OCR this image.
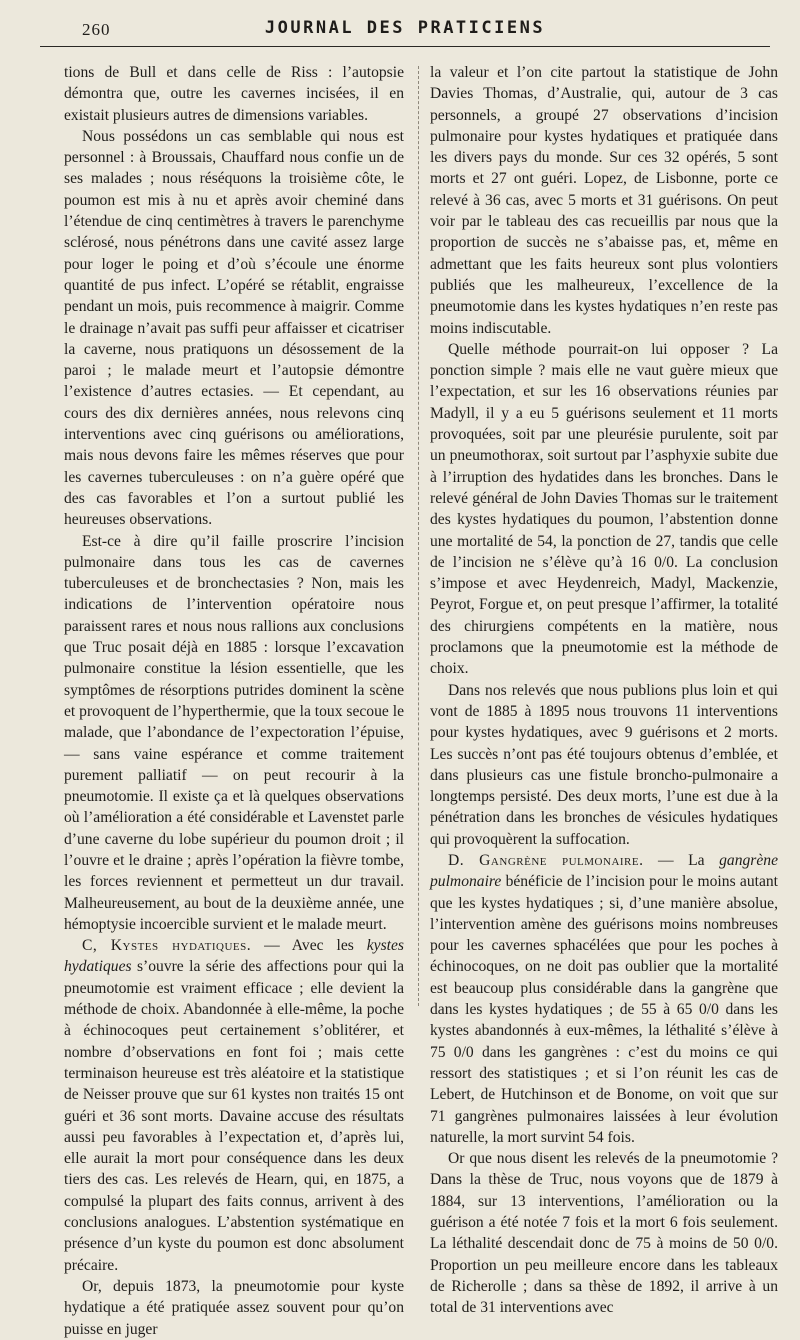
260	JOURNAL DES PRATICIENS

tions de Bull et dans celle de Riss : l’autopsie démontra que, outre les cavernes incisées, il en existait plusieurs autres de dimensions variables.

Nous possédons un cas semblable qui nous est personnel : à Broussais, Chauffard nous confie un de ses malades ; nous réséquons la troisième côte, le poumon est mis à nu et après avoir cheminé dans l’étendue de cinq centimètres à travers le parenchyme sclérosé, nous pénétrons dans une cavité assez large pour loger le poing et d’où s’écoule une énorme quantité de pus infect. L’opéré se rétablit, engraisse pendant un mois, puis recommence à maigrir. Comme le drainage n’avait pas suffi peur affaisser et cicatriser la caverne, nous pratiquons un désossement de la paroi ; le malade meurt et l’autopsie démontre l’existence d’autres ectasies. — Et cependant, au cours des dix dernières années, nous relevons cinq interventions avec cinq guérisons ou améliorations, mais nous devons faire les mêmes réserves que pour les cavernes tuberculeuses : on n’a guère opéré que des cas favorables et l’on a surtout publié les heureuses observations.

Est-ce à dire qu’il faille proscrire l’incision pulmonaire dans tous les cas de cavernes tuberculeuses et de bronchectasies ? Non, mais les indications de l’intervention opératoire nous paraissent rares et nous nous rallions aux conclusions que Truc posait déjà en 1885 : lorsque l’excavation pulmonaire constitue la lésion essentielle, que les symptômes de résorptions putrides dominent la scène et provoquent de l’hyperthermie, que la toux secoue le malade, que l’abondance de l’expectoration l’épuise, — sans vaine espérance et comme traitement purement palliatif — on peut recourir à la pneumotomie. Il existe ça et là quelques observations où l’amélioration a été considérable et Lavenstet parle d’une caverne du lobe supérieur du poumon droit ; il l’ouvre et le draine ; après l’opération la fièvre tombe, les forces reviennent et permetteut un dur travail. Malheureusement, au bout de la deuxième année, une hémoptysie incoercible survient et le malade meurt.

C, Kystes hydatiques. — Avec les kystes hydatiques s’ouvre la série des affections pour qui la pneumotomie est vraiment efficace ; elle devient la méthode de choix. Abandonnée à elle-même, la poche à échinocoques peut certainement s’oblitérer, et nombre d’observations en font foi ; mais cette terminaison heureuse est très aléatoire et la statistique de Neisser prouve que sur 61 kystes non traités 15 ont guéri et 36 sont morts. Davaine accuse des résultats aussi peu favorables à l’expectation et, d’après lui, elle aurait la mort pour conséquence dans les deux tiers des cas. Les relevés de Hearn, qui, en 1875, a compulsé la plupart des faits connus, arrivent à des conclusions analogues. L’abstention systématique en présence d’un kyste du poumon est donc absolument précaire.

Or, depuis 1873, la pneumotomie pour kyste hydatique a été pratiquée assez souvent pour qu’on puisse en juger

la valeur et l’on cite partout la statistique de John Davies Thomas, d’Australie, qui, autour de 3 cas personnels, a groupé 27 observations d’incision pulmonaire pour kystes hydatiques et pratiquée dans les divers pays du monde. Sur ces 32 opérés, 5 sont morts et 27 ont guéri. Lopez, de Lisbonne, porte ce relevé à 36 cas, avec 5 morts et 31 guérisons. On peut voir par le tableau des cas recueillis par nous que la proportion de succès ne s’abaisse pas, et, même en admettant que les faits heureux sont plus volontiers publiés que les malheureux, l’excellence de la pneumotomie dans les kystes hydatiques n’en reste pas moins indiscutable.

Quelle méthode pourrait-on lui opposer ? La ponction simple ? mais elle ne vaut guère mieux que l’expectation, et sur les 16 observations réunies par Madyll, il y a eu 5 guérisons seulement et 11 morts provoquées, soit par une pleurésie purulente, soit par un pneumothorax, soit surtout par l’asphyxie subite due à l’irruption des hydatides dans les bronches. Dans le relevé général de John Davies Thomas sur le traitement des kystes hydatiques du poumon, l’abstention donne une mortalité de 54, la ponction de 27, tandis que celle de l’incision ne s’élève qu’à 16 0/0. La conclusion s’impose et avec Heydenreich, Madyl, Mackenzie, Peyrot, Forgue et, on peut presque l’affirmer, la totalité des chirurgiens compétents en la matière, nous proclamons que la pneumotomie est la méthode de choix.

Dans nos relevés que nous publions plus loin et qui vont de 1885 à 1895 nous trouvons 11 interventions pour kystes hydatiques, avec 9 guérisons et 2 morts. Les succès n’ont pas été toujours obtenus d’emblée, et dans plusieurs cas une fistule broncho-pulmonaire a longtemps persisté. Des deux morts, l’une est due à la pénétration dans les bronches de vésicules hydatiques qui provoquèrent la suffocation.

D. Gangrène pulmonaire. — La gangrène pulmonaire bénéficie de l’incision pour le moins autant que les kystes hydatiques ; si, d’une manière absolue, l’intervention amène des guérisons moins nombreuses pour les cavernes sphacélées que pour les poches à échinocoques, on ne doit pas oublier que la mortalité est beaucoup plus considérable dans la gangrène que dans les kystes hydatiques ; de 55 à 65 0/0 dans les kystes abandonnés à eux-mêmes, la léthalité s’élève à 75 0/0 dans les gangrènes : c’est du moins ce qui ressort des statistiques ; et si l’on réunit les cas de Lebert, de Hutchinson et de Bonome, on voit que sur 71 gangrènes pulmonaires laissées à leur évolution naturelle, la mort survint 54 fois.

Or que nous disent les relevés de la pneumotomie ? Dans la thèse de Truc, nous voyons que de 1879 à 1884, sur 13 interventions, l’amélioration ou la guérison a été notée 7 fois et la mort 6 fois seulement. La léthalité descendait donc de 75 à moins de 50 0/0. Proportion un peu meilleure encore dans les tableaux de Richerolle ; dans sa thèse de 1892, il arrive à un total de 31 interventions avec
